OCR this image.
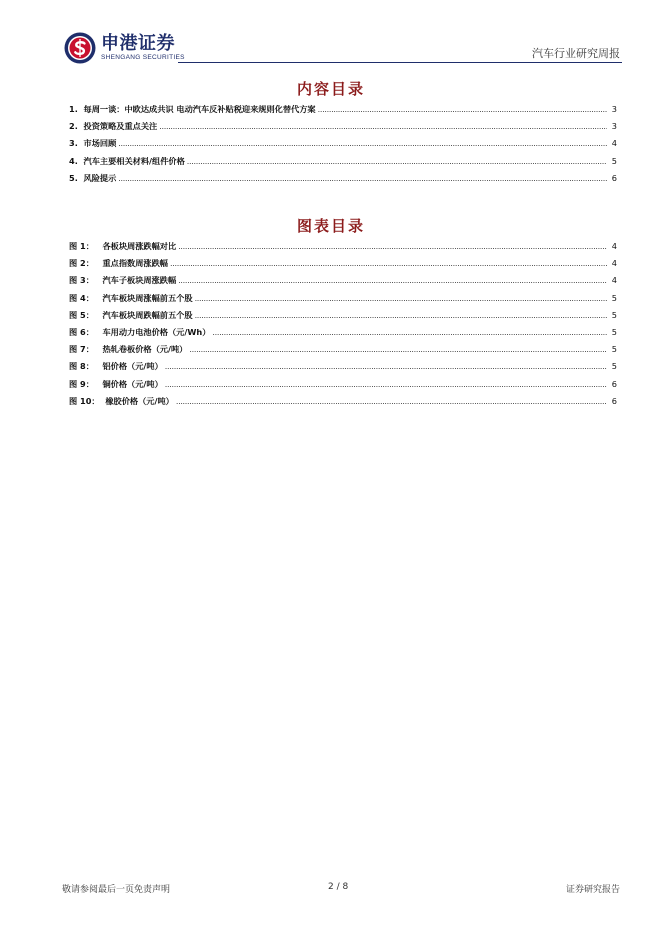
申港证券
SHENGANG SECURITIES	汽车行业研究周报
内容目录
1. 每周一谈：中欧达成共识 电动汽车反补贴税迎来规则化替代方案 .....	3
2. 投资策略及重点关注 .....	3
3. 市场回顾 .....	4
4. 汽车主要相关材料/组件价格 .....	5
5. 风险提示 .....	6
图表目录
图 1： 各板块周涨跌幅对比 .....	4
图 2： 重点指数周涨跌幅 .....	4
图 3： 汽车子板块周涨跌幅 .....	4
图 4： 汽车板块周涨幅前五个股 .....	5
图 5： 汽车板块周跌幅前五个股 .....	5
图 6： 车用动力电池价格（元/Wh） .....	5
图 7： 热轧卷板价格（元/吨） .....	5
图 8： 铝价格（元/吨） .....	5
图 9： 铜价格（元/吨） .....	6
图 10： 橡胶价格（元/吨） .....	6
敬请参阅最后一页免责声明	2 / 8	证券研究报告
